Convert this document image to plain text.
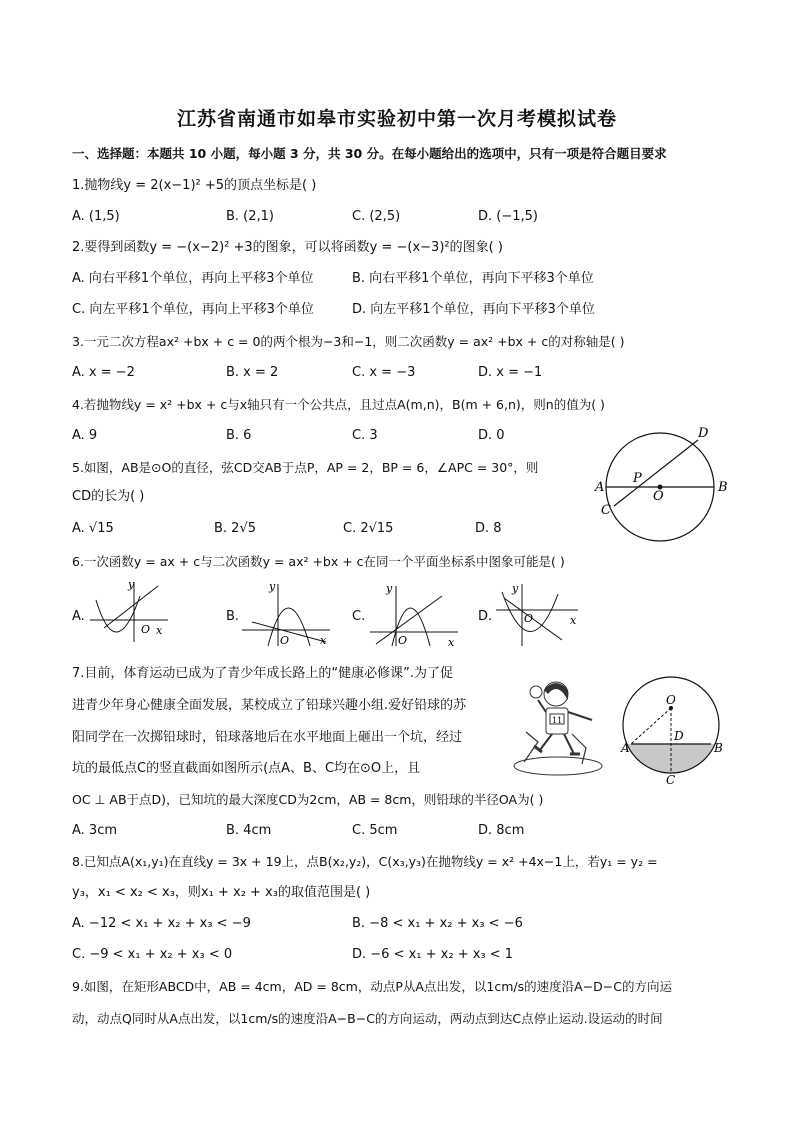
江苏省南通市如皋市实验初中第一次月考模拟试卷
一、选择题：本题共 10 小题，每小题 3 分，共 30 分。在每小题给出的选项中，只有一项是符合题目要求
1.抛物线y = 2(x−1)² +5的顶点坐标是( )
A. (1,5)	B. (2,1)	C. (2,5)	D. (−1,5)
2.要得到函数y = −(x−2)² +3的图象，可以将函数y = −(x−3)²的图象( )
A. 向右平移1个单位，再向上平移3个单位	B. 向右平移1个单位，再向下平移3个单位
C. 向左平移1个单位，再向上平移3个单位	D. 向左平移1个单位，再向下平移3个单位
3.一元二次方程ax² +bx + c = 0的两个根为−3和−1，则二次函数y = ax² +bx + c的对称轴是( )
A. x = −2	B. x = 2	C. x = −3	D. x = −1
4.若抛物线y = x² +bx + c与x轴只有一个公共点，且过点A(m,n)，B(m + 6,n)，则n的值为( )
A. 9	B. 6	C. 3	D. 0
5.如图，AB是⊙O的直径，弦CD交AB于点P，AP = 2，BP = 6，∠APC = 30°，则
CD的长为( )
A. √15	B. 2√5	C. 2√15	D. 8
A	B
C
D
P
O
6.一次函数y = ax + c与二次函数y = ax² +bx + c在同一个平面坐标系中图象可能是( )
A.	B.	C.	D.
y
x
O
y
x
O
y
x
O
y
x
O
7.目前，体育运动已成为了青少年成长路上的“健康必修课”.为了促
进青少年身心健康全面发展，某校成立了铅球兴趣小组.爱好铅球的苏
阳同学在一次掷铅球时，铅球落地后在水平地面上砸出一个坑，经过
坑的最低点C的竖直截面如图所示(点A、B、C均在⊙O上，且
OC ⊥ AB于点D)，已知坑的最大深度CD为2cm，AB = 8cm，则铅球的半径OA为( )
A. 3cm	B. 4cm	C. 5cm	D. 8cm
11
O
A	B
C
D
8.已知点A(x₁,y₁)在直线y = 3x + 19上，点B(x₂,y₂)，C(x₃,y₃)在抛物线y = x² +4x−1上，若y₁ = y₂ =
y₃，x₁ < x₂ < x₃，则x₁ + x₂ + x₃的取值范围是( )
A. −12 < x₁ + x₂ + x₃ < −9	B. −8 < x₁ + x₂ + x₃ < −6
C. −9 < x₁ + x₂ + x₃ < 0	D. −6 < x₁ + x₂ + x₃ < 1
9.如图，在矩形ABCD中，AB = 4cm，AD = 8cm，动点P从A点出发，以1cm/s的速度沿A−D−C的方向运
动，动点Q同时从A点出发，以1cm/s的速度沿A−B−C的方向运动，两动点到达C点停止运动.设运动的时间
